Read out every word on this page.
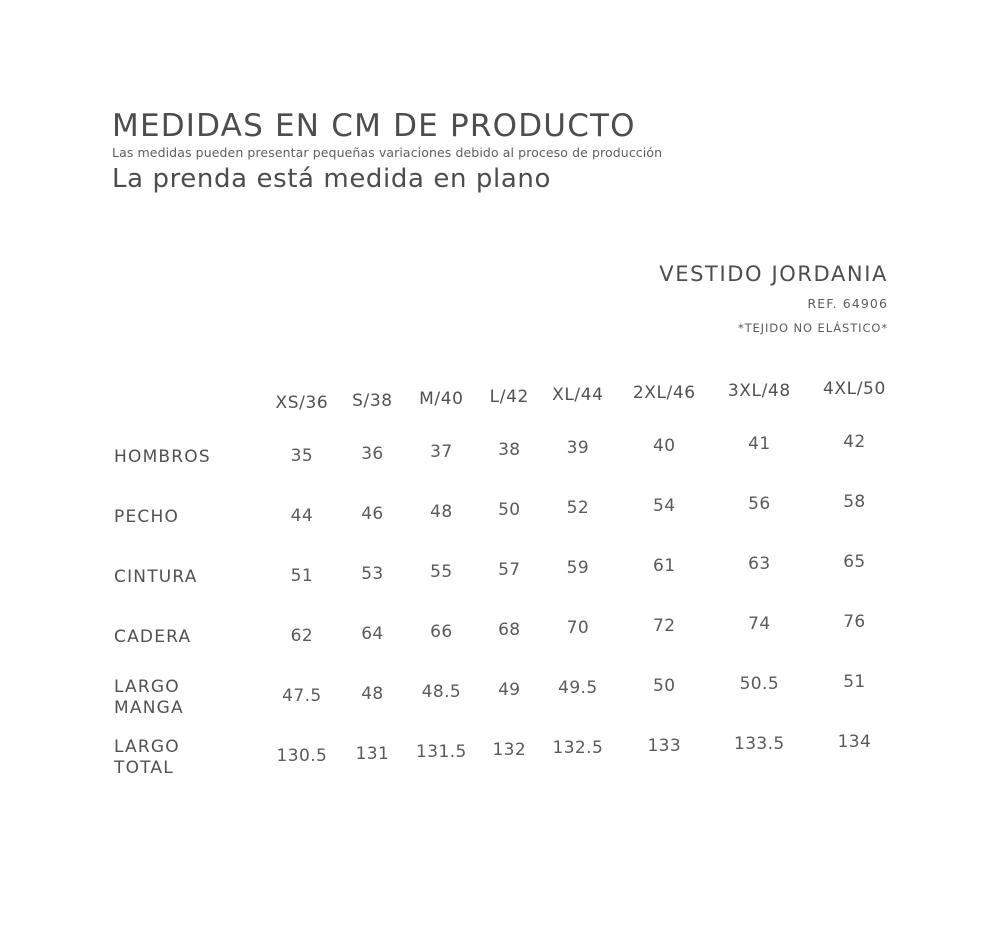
MEDIDAS EN CM DE PRODUCTO
Las medidas pueden presentar pequeñas variaciones debido al proceso de producción
La prenda está medida en plano
VESTIDO JORDANIA
REF. 64906
*TEJIDO NO ELÁSTICO*
	XS/36	S/38	M/40	L/42	XL/44	2XL/46	3XL/48	4XL/50
HOMBROS	35	36	37	38	39	40	41	42
PECHO	44	46	48	50	52	54	56	58
CINTURA	51	53	55	57	59	61	63	65
CADERA	62	64	66	68	70	72	74	76
LARGO
MANGA	47.5	48	48.5	49	49.5	50	50.5	51
LARGO
TOTAL	130.5	131	131.5	132	132.5	133	133.5	134
